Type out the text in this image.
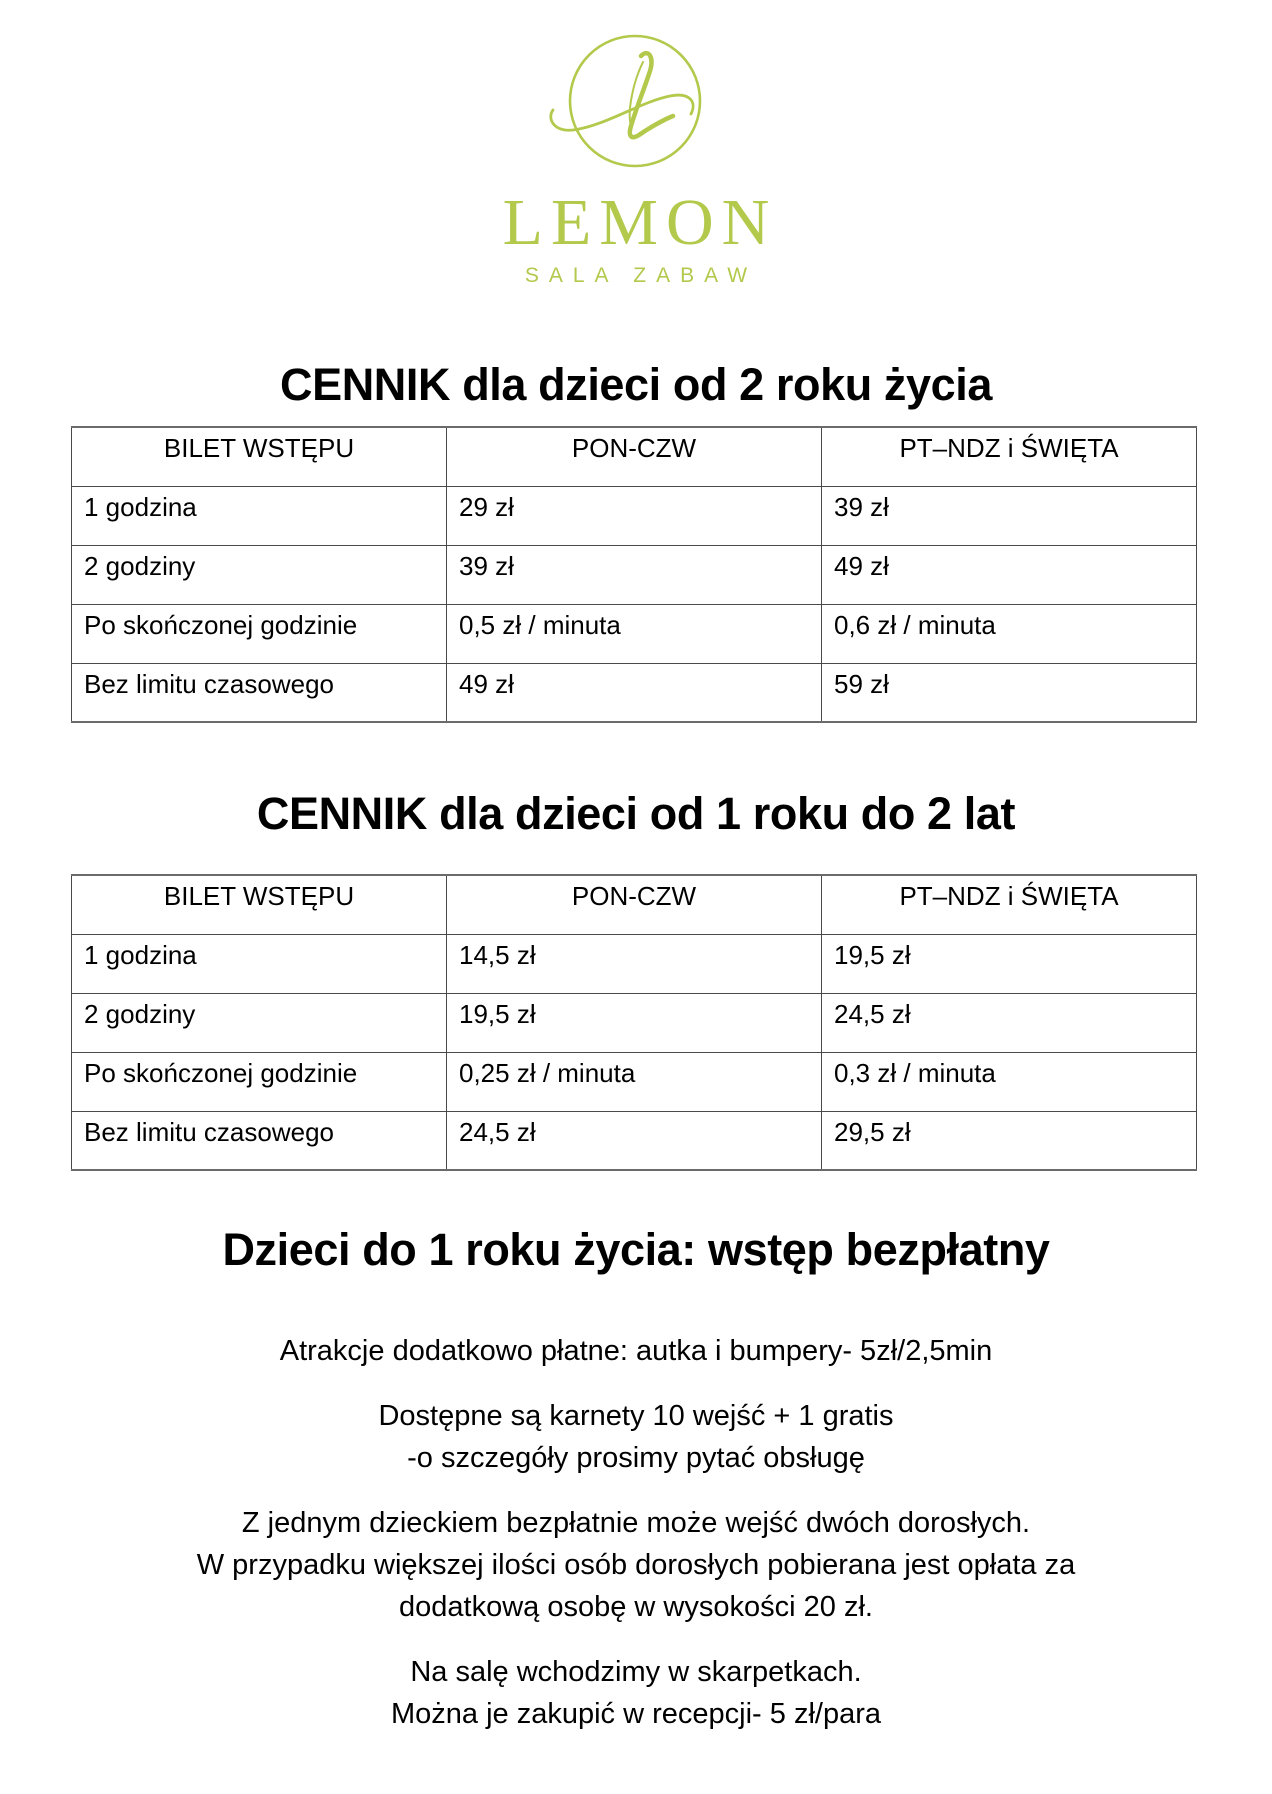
LEMON
SALA ZABAW
CENNIK dla dzieci od 2 roku życia
BILET WSTĘPU	PON-CZW	PT–NDZ i ŚWIĘTA
1 godzina	29 zł	39 zł
2 godziny	39 zł	49 zł
Po skończonej godzinie	0,5 zł / minuta	0,6 zł / minuta
Bez limitu czasowego	49 zł	59 zł
CENNIK dla dzieci od 1 roku do 2 lat
BILET WSTĘPU	PON-CZW	PT–NDZ i ŚWIĘTA
1 godzina	14,5 zł	19,5 zł
2 godziny	19,5 zł	24,5 zł
Po skończonej godzinie	0,25 zł / minuta	0,3 zł / minuta
Bez limitu czasowego	24,5 zł	29,5 zł
Dzieci do 1 roku życia: wstęp bezpłatny
Atrakcje dodatkowo płatne: autka i bumpery- 5zł/2,5min
Dostępne są karnety 10 wejść + 1 gratis
-o szczegóły prosimy pytać obsługę
Z jednym dzieckiem bezpłatnie może wejść dwóch dorosłych.
W przypadku większej ilości osób dorosłych pobierana jest opłata za
dodatkową osobę w wysokości 20 zł.
Na salę wchodzimy w skarpetkach.
Można je zakupić w recepcji- 5 zł/para
